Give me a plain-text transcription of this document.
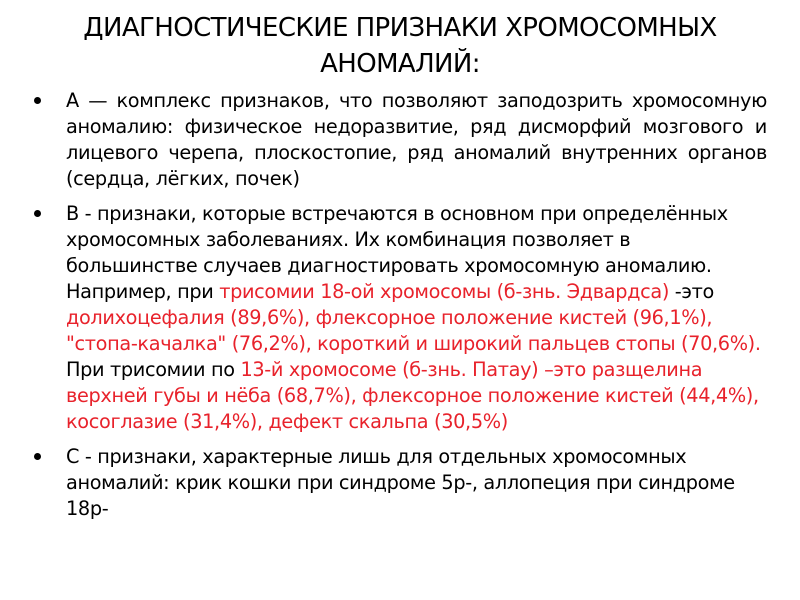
ДИАГНОСТИЧЕСКИЕ ПРИЗНАКИ ХРОМОСОМНЫХ АНОМАЛИЙ:
А — комплекс признаков, что позволяют заподозрить хромосомную аномалию: физическое недоразвитие, ряд дисморфий мозгового и лицевого черепа, плоскостопие, ряд аномалий внутренних органов (сердца, лёгких, почек)
В - признаки, которые встречаются в основном при определённых хромосомных заболеваниях. Их комбинация позволяет в большинстве случаев диагностировать хромосомную аномалию. Например, при трисомии 18-ой хромосомы (б-знь. Эдвардса) -это долихоцефалия (89,6%), флексорное положение кистей (96,1%), "стопа-качалка" (76,2%), короткий и широкий пальцев стопы (70,6%). При трисомии по 13-й хромосоме (б-знь. Патау) –это разщелина верхней губы и нёба (68,7%), флексорное положение кистей (44,4%), косоглазие (31,4%), дефект скальпа (30,5%)
С - признаки, характерные лишь для отдельных хромосомных аномалий: крик кошки при синдроме 5р-, аллопеция при синдроме 18р-
